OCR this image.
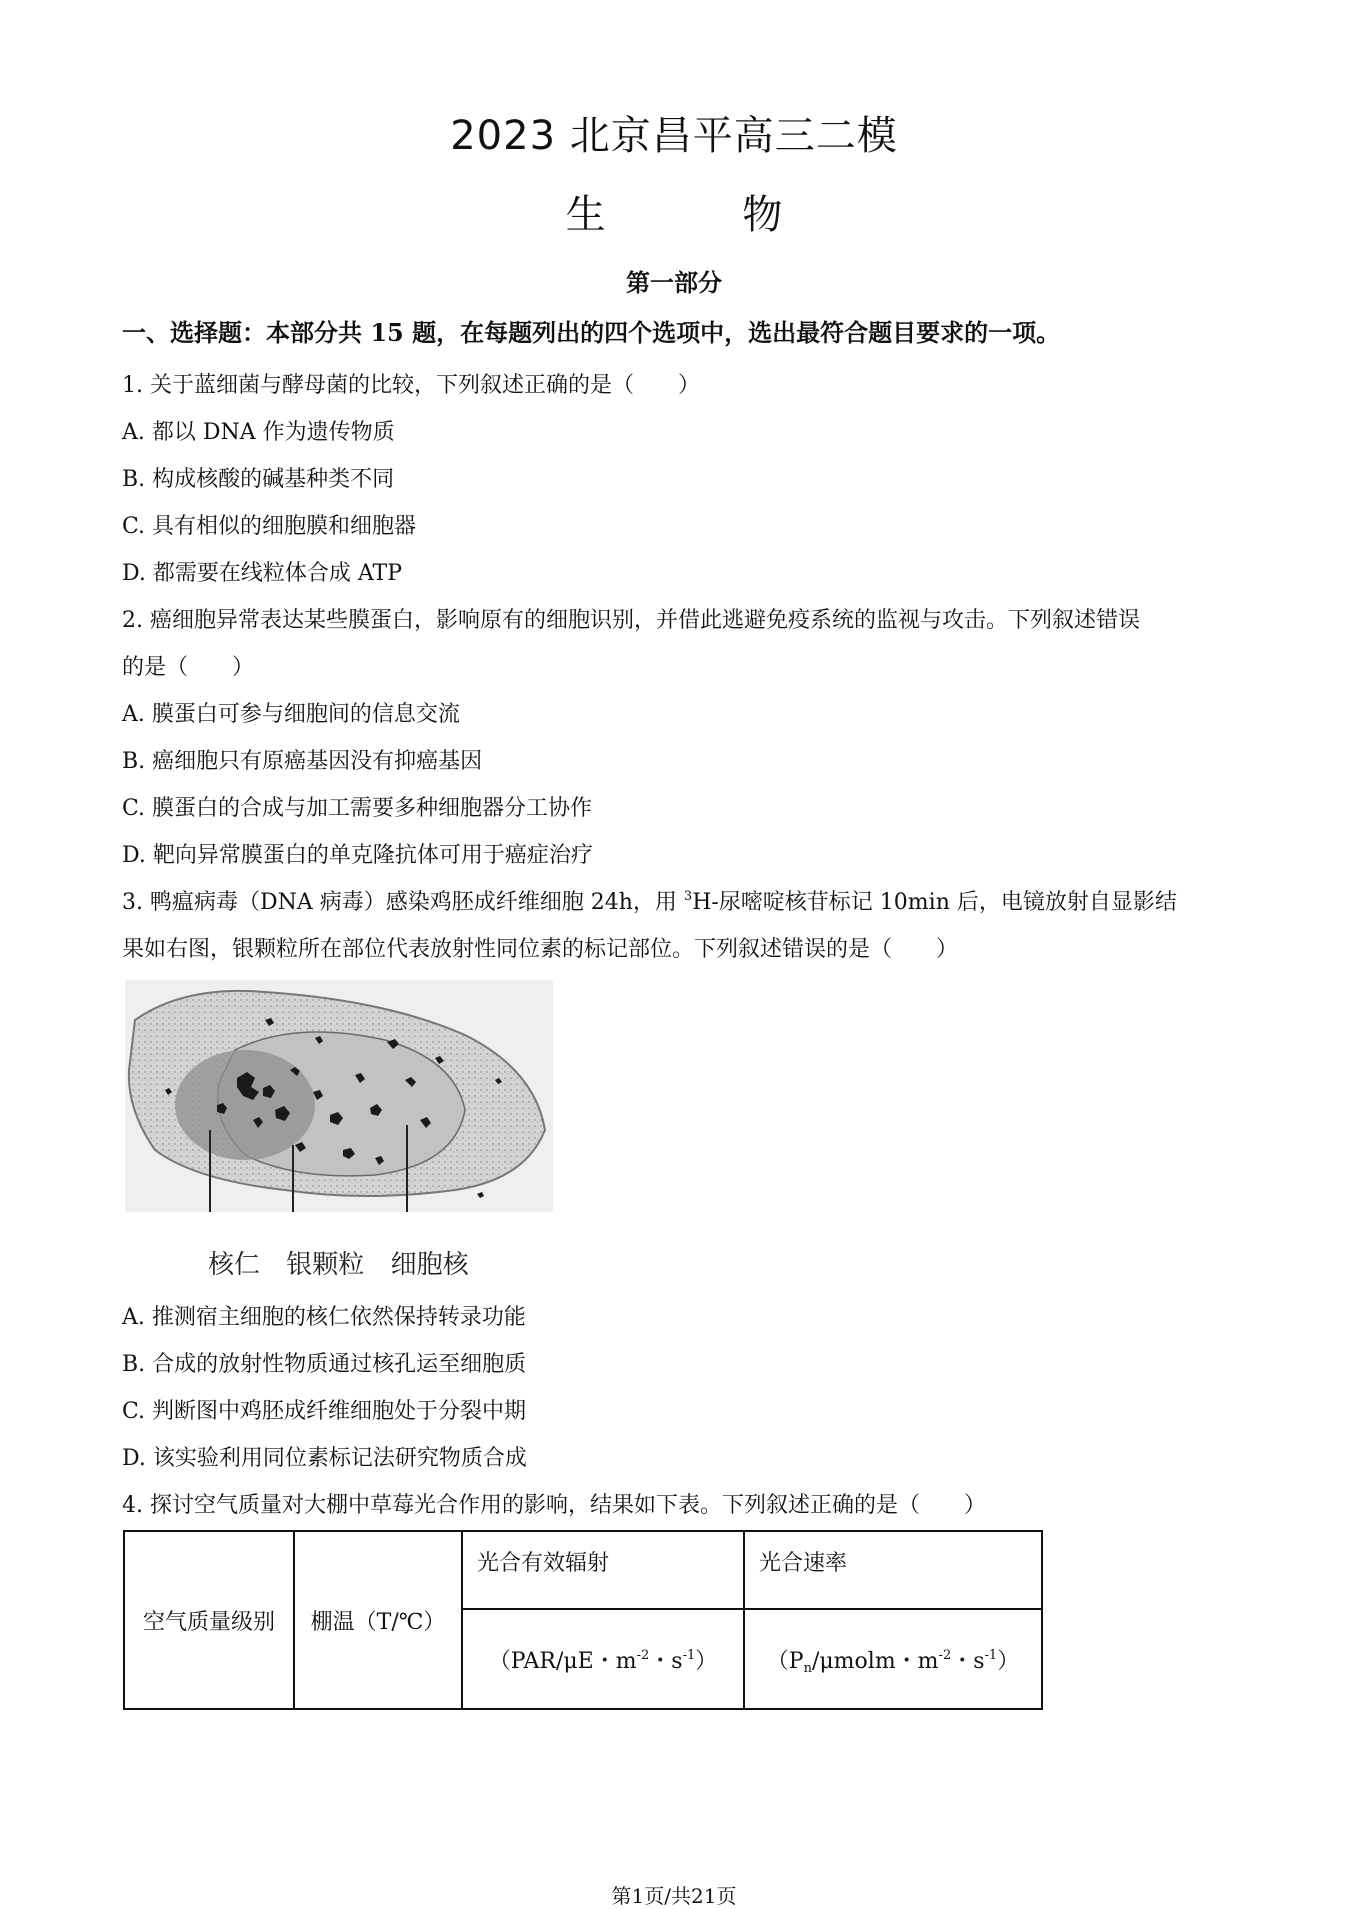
2023 北京昌平高三二模
生 物
第一部分
一、选择题：本部分共 15 题，在每题列出的四个选项中，选出最符合题目要求的一项。
1. 关于蓝细菌与酵母菌的比较，下列叙述正确的是（　　）
A. 都以 DNA 作为遗传物质
B. 构成核酸的碱基种类不同
C. 具有相似的细胞膜和细胞器
D. 都需要在线粒体合成 ATP
2. 癌细胞异常表达某些膜蛋白，影响原有的细胞识别，并借此逃避免疫系统的监视与攻击。下列叙述错误
的是（　　）
A. 膜蛋白可参与细胞间的信息交流
B. 癌细胞只有原癌基因没有抑癌基因
C. 膜蛋白的合成与加工需要多种细胞器分工协作
D. 靶向异常膜蛋白的单克隆抗体可用于癌症治疗
3. 鸭瘟病毒（DNA 病毒）感染鸡胚成纤维细胞 24h，用 $^3$H-尿嘧啶核苷标记 10min 后，电镜放射自显影结
果如右图，银颗粒所在部位代表放射性同位素的标记部位。下列叙述错误的是（　　）
核仁 银颗粒 细胞核
A. 推测宿主细胞的核仁依然保持转录功能
B. 合成的放射性物质通过核孔运至细胞质
C. 判断图中鸡胚成纤维细胞处于分裂中期
D. 该实验利用同位素标记法研究物质合成
4. 探讨空气质量对大棚中草莓光合作用的影响，结果如下表。下列叙述正确的是（　　）
空气质量级别	棚温（T/℃）	光合有效辐射	光合速率
		（PAR/μE・$m^{-2}$・$s^{-1}$）	（$P_n$/μmolm・$m^{-2}$・$s^{-1}$）
第1页/共21页
